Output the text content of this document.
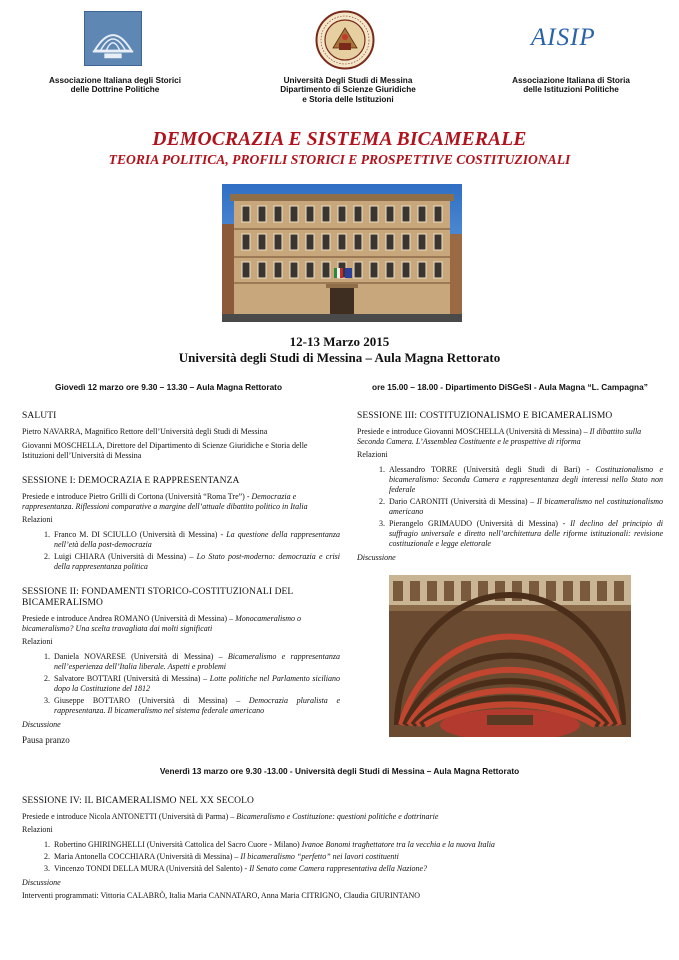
AISIP
Associazione Italiana degli Storici
delle Dottrine Politiche
Università Degli Studi di Messina
Dipartimento di Scienze Giuridiche
e Storia delle Istituzioni
Associazione Italiana di Storia
delle Istituzioni Politiche
DEMOCRAZIA E SISTEMA BICAMERALE
TEORIA POLITICA, PROFILI STORICI E PROSPETTIVE COSTITUZIONALI
12-13 Marzo 2015
Università degli Studi di Messina – Aula Magna Rettorato
Giovedì 12 marzo ore 9.30 – 13.30 – Aula Magna Rettorato	ore 15.00 – 18.00 - Dipartimento DiSGeSI - Aula Magna “L. Campagna”
SALUTI
Pietro NAVARRA, Magnifico Rettore dell’Università degli Studi di Messina
Giovanni MOSCHELLA, Direttore del Dipartimento di Scienze Giuridiche e Storia delle Istituzioni dell’Università di Messina
SESSIONE I: DEMOCRAZIA E RAPPRESENTANZA
Presiede e introduce Pietro Grilli di Cortona (Università “Roma Tre”) - Democrazia e rappresentanza. Riflessioni comparative a margine dell’attuale dibattito politico in Italia
Relazioni
1. Franco M. DI SCIULLO (Università di Messina) - La questione della rappresentanza nell’età della post-democrazia
2. Luigi CHIARA (Università di Messina) – Lo Stato post-moderno: democrazia e crisi della rappresentanza politica
SESSIONE II: FONDAMENTI STORICO-COSTITUZIONALI DEL BICAMERALISMO
Presiede e introduce Andrea ROMANO (Università di Messina) – Monocameralismo o bicameralismo? Una scelta travagliata dai molti significati
Relazioni
1. Daniela NOVARESE (Università di Messina) – Bicameralismo e rappresentanza nell’esperienza dell’Italia liberale. Aspetti e problemi
2. Salvatore BOTTARI (Università di Messina) – Lotte politiche nel Parlamento siciliano dopo la Costituzione del 1812
3. Giuseppe BOTTARO (Università di Messina) – Democrazia pluralista e rappresentanza. Il bicameralismo nel sistema federale americano
Discussione
Pausa pranzo
SESSIONE III: COSTITUZIONALISMO E BICAMERALISMO
Presiede e introduce Giovanni MOSCHELLA (Università di Messina) – Il dibattito sulla Seconda Camera. L’Assemblea Costituente e le prospettive di riforma
Relazioni
1. Alessandro TORRE (Università degli Studi di Bari) - Costituzionalismo e bicameralismo: Seconda Camera e rappresentanza degli interessi nello Stato non federale
2. Dario CARONITI (Università di Messina) – Il bicameralismo nel costituzionalismo americano
3. Pierangelo GRIMAUDO (Università di Messina) - Il declino del principio di suffragio universale e diretto nell’architettura delle riforme istituzionali: revisione costituzionale e legge elettorale
Discussione
Venerdì 13 marzo ore 9.30 -13.00 - Università degli Studi di Messina – Aula Magna Rettorato
SESSIONE IV: IL BICAMERALISMO NEL XX SECOLO
Presiede e introduce Nicola ANTONETTI (Università di Parma) – Bicameralismo e Costituzione: questioni politiche e dottrinarie
Relazioni
1. Robertino GHIRINGHELLI (Università Cattolica del Sacro Cuore - Milano) Ivanoe Bonomi traghettatore tra la vecchia e la nuova Italia
2. Maria Antonella COCCHIARA (Università di Messina) – Il bicameralismo “perfetto” nei lavori costituenti
3. Vincenzo TONDI DELLA MURA (Università del Salento) - Il Senato come Camera rappresentativa della Nazione?
Discussione
Interventi programmati: Vittoria CALABRÒ, Italia Maria CANNATARO, Anna Maria CITRIGNO, Claudia GIURINTANO
